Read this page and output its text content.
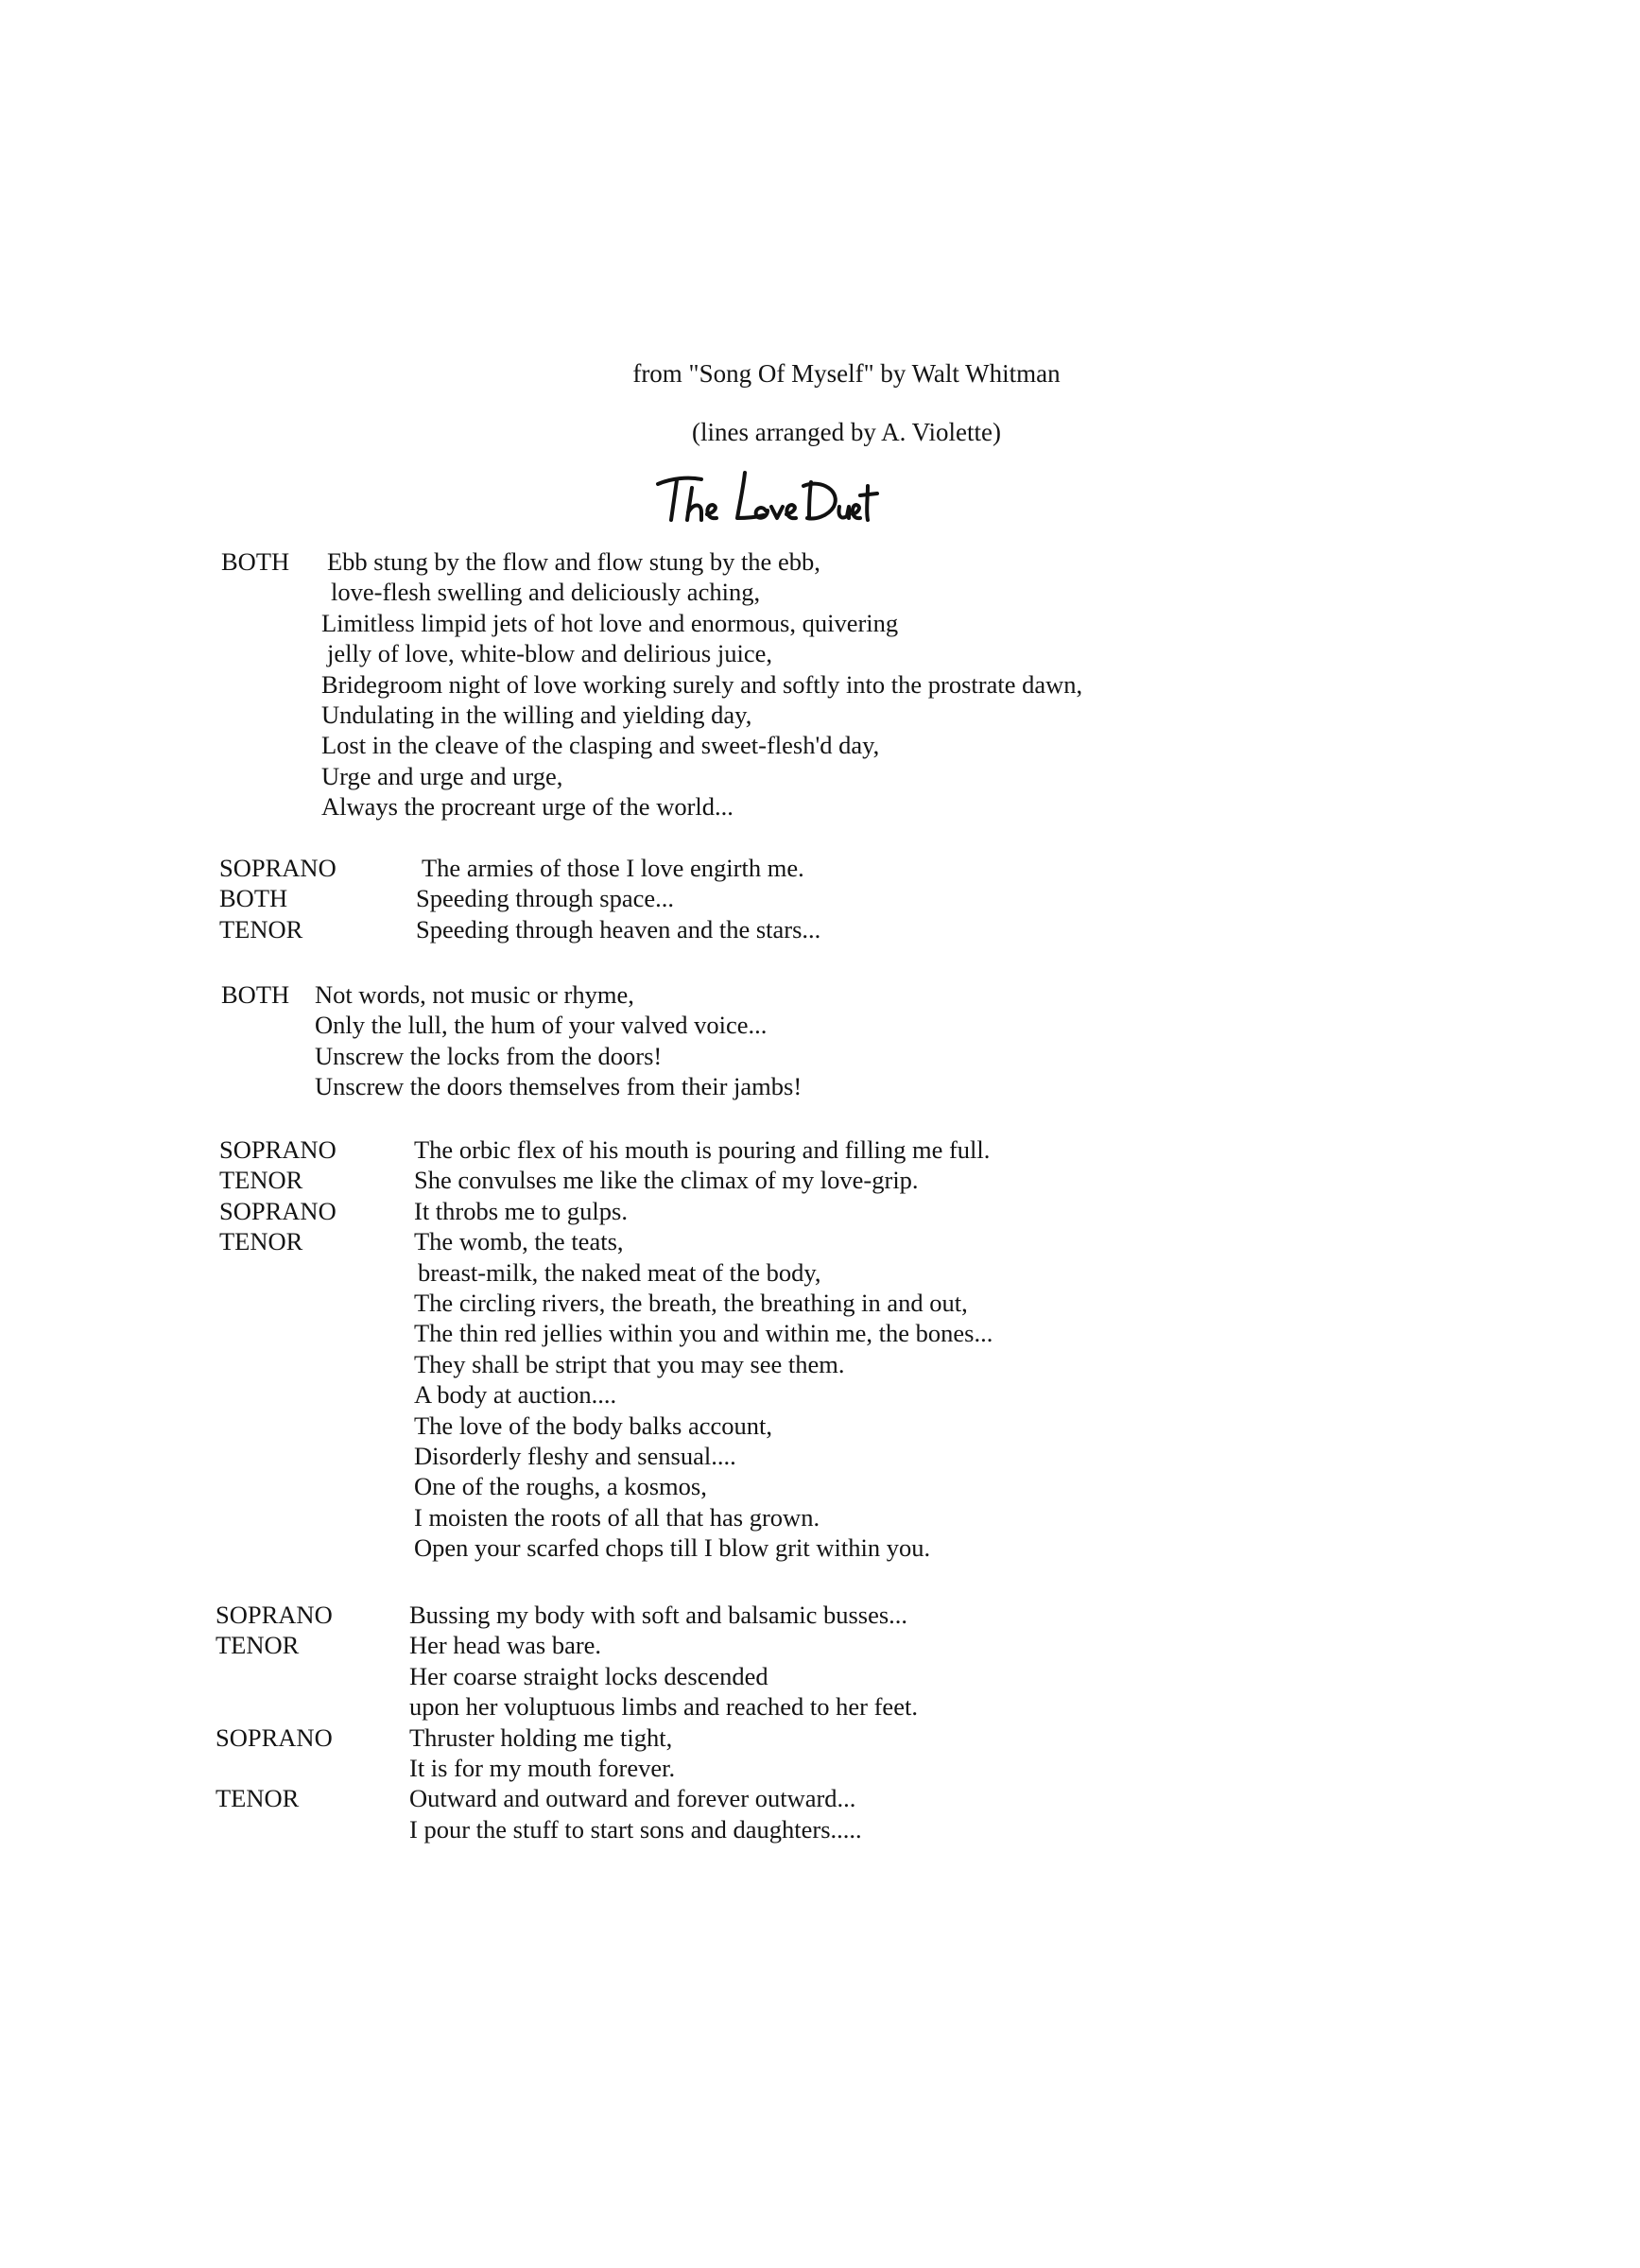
from "Song Of Myself" by Walt Whitman
(lines arranged by A. Violette)
BOTH Ebb stung by the flow and flow stung by the ebb,
love-flesh swelling and deliciously aching,
Limitless limpid jets of hot love and enormous, quivering
jelly of love, white-blow and delirious juice,
Bridegroom night of love working surely and softly into the prostrate dawn,
Undulating in the willing and yielding day,
Lost in the cleave of the clasping and sweet-flesh'd day,
Urge and urge and urge,
Always the procreant urge of the world...
SOPRANO	The armies of those I love engirth me.
BOTH	Speeding through space...
TENOR	Speeding through heaven and the stars...
BOTH Not words, not music or rhyme,
Only the lull, the hum of your valved voice...
Unscrew the locks from the doors!
Unscrew the doors themselves from their jambs!
SOPRANO	The orbic flex of his mouth is pouring and filling me full.
TENOR	She convulses me like the climax of my love-grip.
SOPRANO	It throbs me to gulps.
TENOR	The womb, the teats,
breast-milk, the naked meat of the body,
The circling rivers, the breath, the breathing in and out,
The thin red jellies within you and within me, the bones...
They shall be stript that you may see them.
A body at auction....
The love of the body balks account,
Disorderly fleshy and sensual....
One of the roughs, a kosmos,
I moisten the roots of all that has grown.
Open your scarfed chops till I blow grit within you.
SOPRANO	Bussing my body with soft and balsamic busses...
TENOR	Her head was bare.
Her coarse straight locks descended
upon her voluptuous limbs and reached to her feet.
SOPRANO	Thruster holding me tight,
It is for my mouth forever.
TENOR	Outward and outward and forever outward...
I pour the stuff to start sons and daughters.....
